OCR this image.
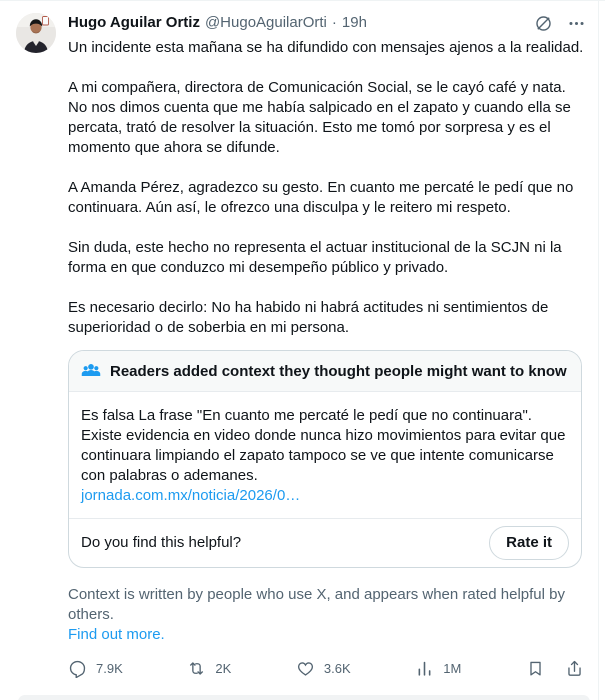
Hugo Aguilar Ortiz @HugoAguilarOrti · 19h

Un incidente esta mañana se ha difundido con mensajes ajenos a la realidad.

A mi compañera, directora de Comunicación Social, se le cayó café y nata. No nos dimos cuenta que me había salpicado en el zapato y cuando ella se percata, trató de resolver la situación. Esto me tomó por sorpresa y es el momento que ahora se difunde.

A Amanda Pérez, agradezco su gesto. En cuanto me percaté le pedí que no continuara. Aún así, le ofrezco una disculpa y le reitero mi respeto.

Sin duda, este hecho no representa el actuar institucional de la SCJN ni la forma en que conduzco mi desempeño público y privado.

Es necesario decirlo: No ha habido ni habrá actitudes ni sentimientos de superioridad o de soberbia en mi persona.

Readers added context they thought people might want to know
Es falsa La frase "En cuanto me percaté le pedí que no continuara". Existe evidencia en video donde nunca hizo movimientos para evitar que continuara limpiando el zapato tampoco se ve que intente comunicarse con palabras o ademanes.
jornada.com.mx/noticia/2026/0…
Do you find this helpful?	Rate it
Context is written by people who use X, and appears when rated helpful by others.
Find out more.
7.9K	2K	3.6K	1M
